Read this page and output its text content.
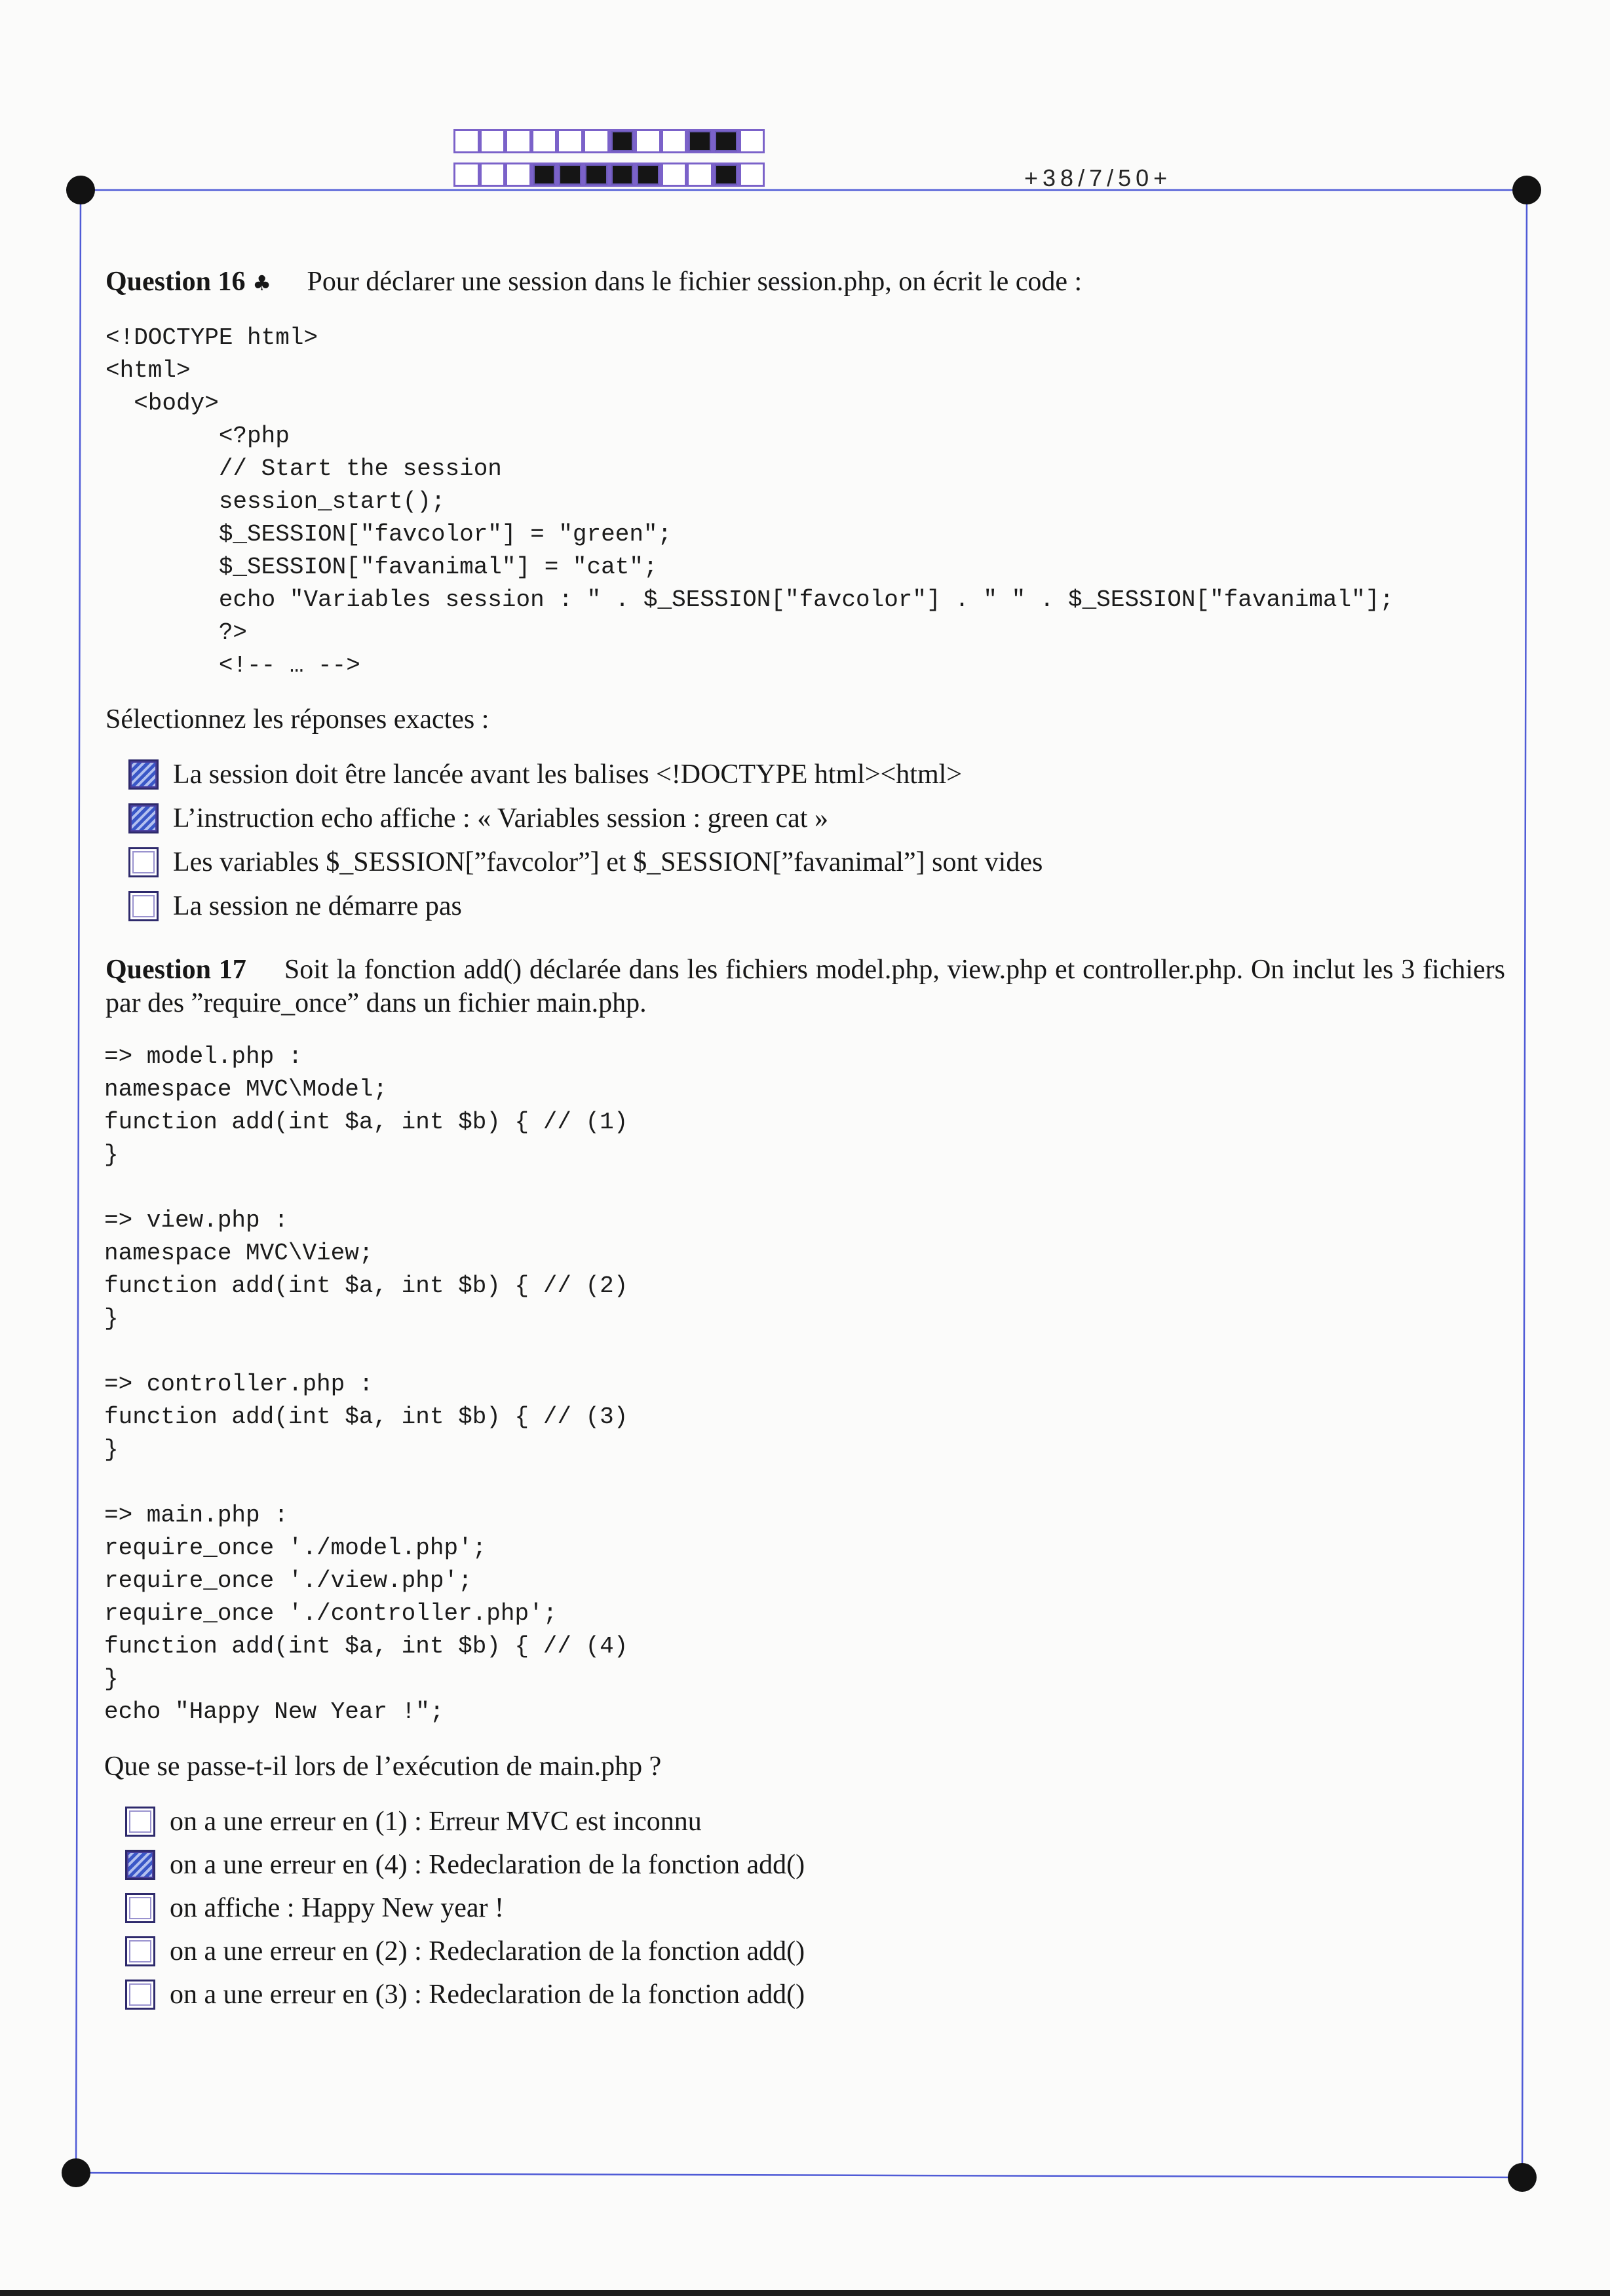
+38/7/50+

Question 16 ♣ Pour déclarer une session dans le fichier session.php, on écrit le code :

<!DOCTYPE html>
<html>
<body>
<?php
// Start the session
session_start();
$_SESSION["favcolor"] = "green";
$_SESSION["favanimal"] = "cat";
echo "Variables session : " . $_SESSION["favcolor"] . " " . $_SESSION["favanimal"];
?>
<!-- … -->

Sélectionnez les réponses exactes :

La session doit être lancée avant les balises <!DOCTYPE html><html>
L’instruction echo affiche : « Variables session : green cat »
Les variables $_SESSION[”favcolor”] et $_SESSION[”favanimal”] sont vides
La session ne démarre pas

Question 17 Soit la fonction add() déclarée dans les fichiers model.php, view.php et controller.php. On inclut les 3 fichiers par des ”require_once” dans un fichier main.php.

=> model.php :
namespace MVC\Model;
function add(int $a, int $b) { // (1)
}

=> view.php :
namespace MVC\View;
function add(int $a, int $b) { // (2)
}

=> controller.php :
function add(int $a, int $b) { // (3)
}

=> main.php :
require_once './model.php';
require_once './view.php';
require_once './controller.php';
function add(int $a, int $b) { // (4)
}
echo "Happy New Year !";

Que se passe-t-il lors de l’exécution de main.php ?

on a une erreur en (1) : Erreur MVC est inconnu
on a une erreur en (4) : Redeclaration de la fonction add()
on affiche : Happy New year !
on a une erreur en (2) : Redeclaration de la fonction add()
on a une erreur en (3) : Redeclaration de la fonction add()
